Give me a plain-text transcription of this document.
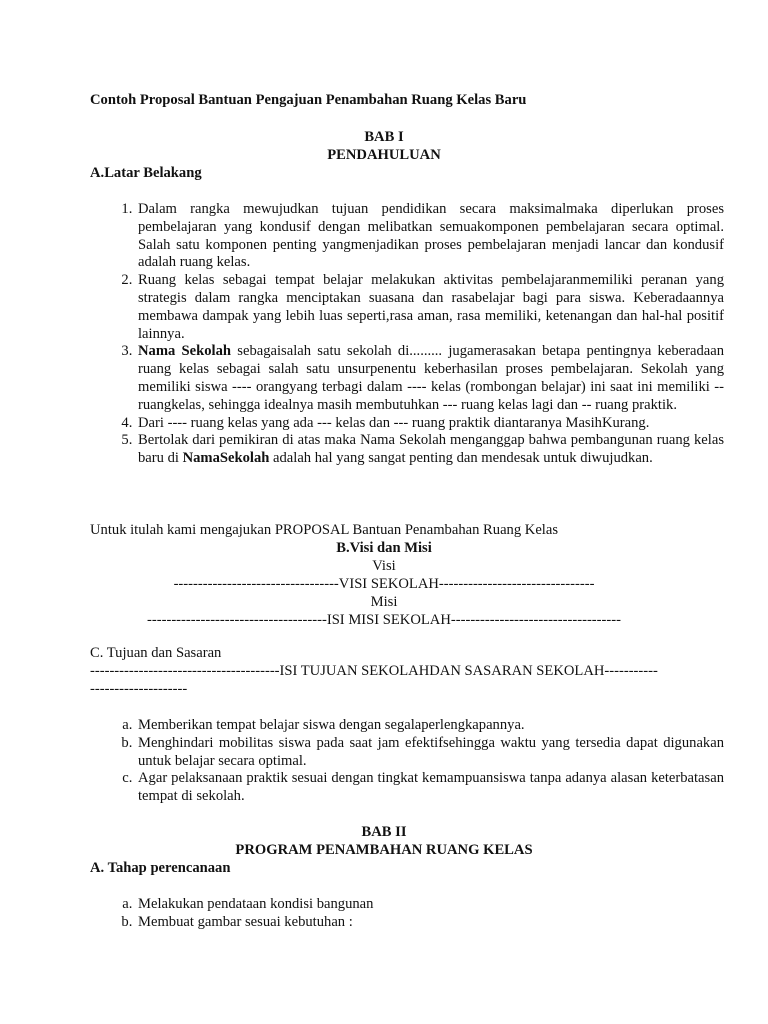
Contoh Proposal Bantuan Pengajuan Penambahan Ruang Kelas Baru
BAB I
PENDAHULUAN
A.Latar Belakang
1. Dalam rangka mewujudkan tujuan pendidikan secara maksimalmaka diperlukan proses pembelajaran yang kondusif dengan melibatkan semuakomponen pembelajaran secara optimal. Salah satu komponen penting yangmenjadikan proses pembelajaran menjadi lancar dan kondusif adalah ruang kelas.
2. Ruang kelas sebagai tempat belajar melakukan aktivitas pembelajaranmemiliki peranan yang strategis dalam rangka menciptakan suasana dan rasabelajar bagi para siswa. Keberadaannya membawa dampak yang lebih luas seperti,rasa aman, rasa memiliki, ketenangan dan hal-hal positif lainnya.
3. Nama Sekolah sebagaisalah satu sekolah di......... jugamerasakan betapa pentingnya keberadaan ruang kelas sebagai salah satu unsurpenentu keberhasilan proses pembelajaran. Sekolah yang memiliki siswa ---- orangyang terbagi dalam ---- kelas (rombongan belajar) ini saat ini memiliki --ruangkelas, sehingga idealnya masih membutuhkan --- ruang kelas lagi dan -- ruang praktik.
4. Dari ---- ruang kelas yang ada --- kelas dan --- ruang praktik diantaranya MasihKurang.
5. Bertolak dari pemikiran di atas maka Nama Sekolah menganggap bahwa pembangunan ruang kelas baru di NamaSekolah adalah hal yang sangat penting dan mendesak untuk diwujudkan.
Untuk itulah kami mengajukan PROPOSAL Bantuan Penambahan Ruang Kelas
B.Visi dan Misi
Visi
----------------------------------VISI SEKOLAH--------------------------------
Misi
-------------------------------------ISI MISI SEKOLAH-----------------------------------
C. Tujuan dan Sasaran
---------------------------------------ISI TUJUAN SEKOLAHDAN SASARAN SEKOLAH-----------
--------------------
a. Memberikan tempat belajar siswa dengan segalaperlengkapannya.
b. Menghindari mobilitas siswa pada saat jam efektifsehingga waktu yang tersedia dapat digunakan untuk belajar secara optimal.
c. Agar pelaksanaan praktik sesuai dengan tingkat kemampuansiswa tanpa adanya alasan keterbatasan tempat di sekolah.
BAB II
PROGRAM PENAMBAHAN RUANG KELAS
A. Tahap perencanaan
a. Melakukan pendataan kondisi bangunan
b. Membuat gambar sesuai kebutuhan :
